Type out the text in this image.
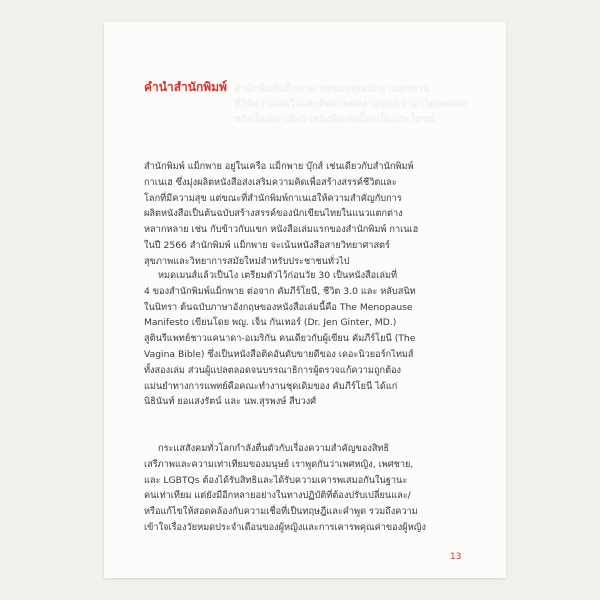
สำนักพิมพ์แม็กพาย ขอขอบคุณนักอ่านทุกท่าน
ที่ให้ความสนใจและติดตามผลงานของเรามาโดยตลอด
หวังเป็นอย่างยิ่งว่าหนังสือเล่มนี้จะเป็นประโยชน์
คำนำสำนักพิมพ์

สำนักพิมพ์ แม็กพาย อยู่ในเครือ แม็กพาย บุ๊กส์ เช่นเดียวกับสำนักพิมพ์
กาเนเฮ ซึ่งมุ่งผลิตหนังสือส่งเสริมความคิดเพื่อสร้างสรรค์ชีวิตและ
โลกที่มีความสุข แต่ขณะที่สำนักพิมพ์กาเนเฮให้ความสำคัญกับการ
ผลิตหนังสือเป็นต้นฉบับสร้างสรรค์ของนักเขียนไทยในแนวแตกต่าง
หลากหลาย เช่น กับข้าวกับแขก หนังสือเล่มแรกของสำนักพิมพ์ กาเนเฮ
ในปี 2566 สำนักพิมพ์ แม็กพาย จะเน้นหนังสือสายวิทยาศาสตร์
สุขภาพและวิทยาการสมัยใหม่สำหรับประชาชนทั่วไป

หมดเมนส์แล้วเป็นไง เตรียมตัวไว้ก่อนวัย 30 เป็นหนังสือเล่มที่
4 ของสำนักพิมพ์แม็กพาย ต่อจาก คัมภีร์โยนี, ชีวิต 3.0 และ หลับสนิท
ในนิทรา ต้นฉบับภาษาอังกฤษของหนังสือเล่มนี้คือ The Menopause
Manifesto เขียนโดย พญ. เจ็น กันเทอร์ (Dr. Jen Ginter, MD.)
สูตินรีแพทย์ชาวแคนาดา-อเมริกัน คนเดียวกับผู้เขียน คัมภีร์โยนี (The
Vagina Bible) ซึ่งเป็นหนังสือติดอันดับขายดีของ เดอะนิวยอร์กไทมส์
ทั้งสองเล่ม ส่วนผู้แปลตลอดจนบรรณาธิการผู้ตรวจแก้ความถูกต้อง
แม่นยำทางการแพทย์คือคณะทำงานชุดเดิมของ คัมภีร์โยนี ได้แก่
นิธินันท์ ยอแสงรัตน์ และ นพ.สุรพงษ์ สีบวงศ์

กระแสสังคมทั่วโลกกำลังตื่นตัวกับเรื่องความสำคัญของสิทธิ
เสรีภาพและความเท่าเทียมของมนุษย์ เราพูดกันว่าเพศหญิง, เพศชาย,
และ LGBTQs ต้องได้รับสิทธิและได้รับความเคารพเสมอกันในฐานะ
คนเท่าเทียม แต่ยังมีอีกหลายอย่างในทางปฏิบัติที่ต้องปรับเปลี่ยนและ/
หรือแก้ไขให้สอดคล้องกับความเชื่อที่เป็นทฤษฎีและคำพูด รวมถึงความ
เข้าใจเรื่องวัยหมดประจำเดือนของผู้หญิงและการเคารพคุณค่าของผู้หญิง

13
